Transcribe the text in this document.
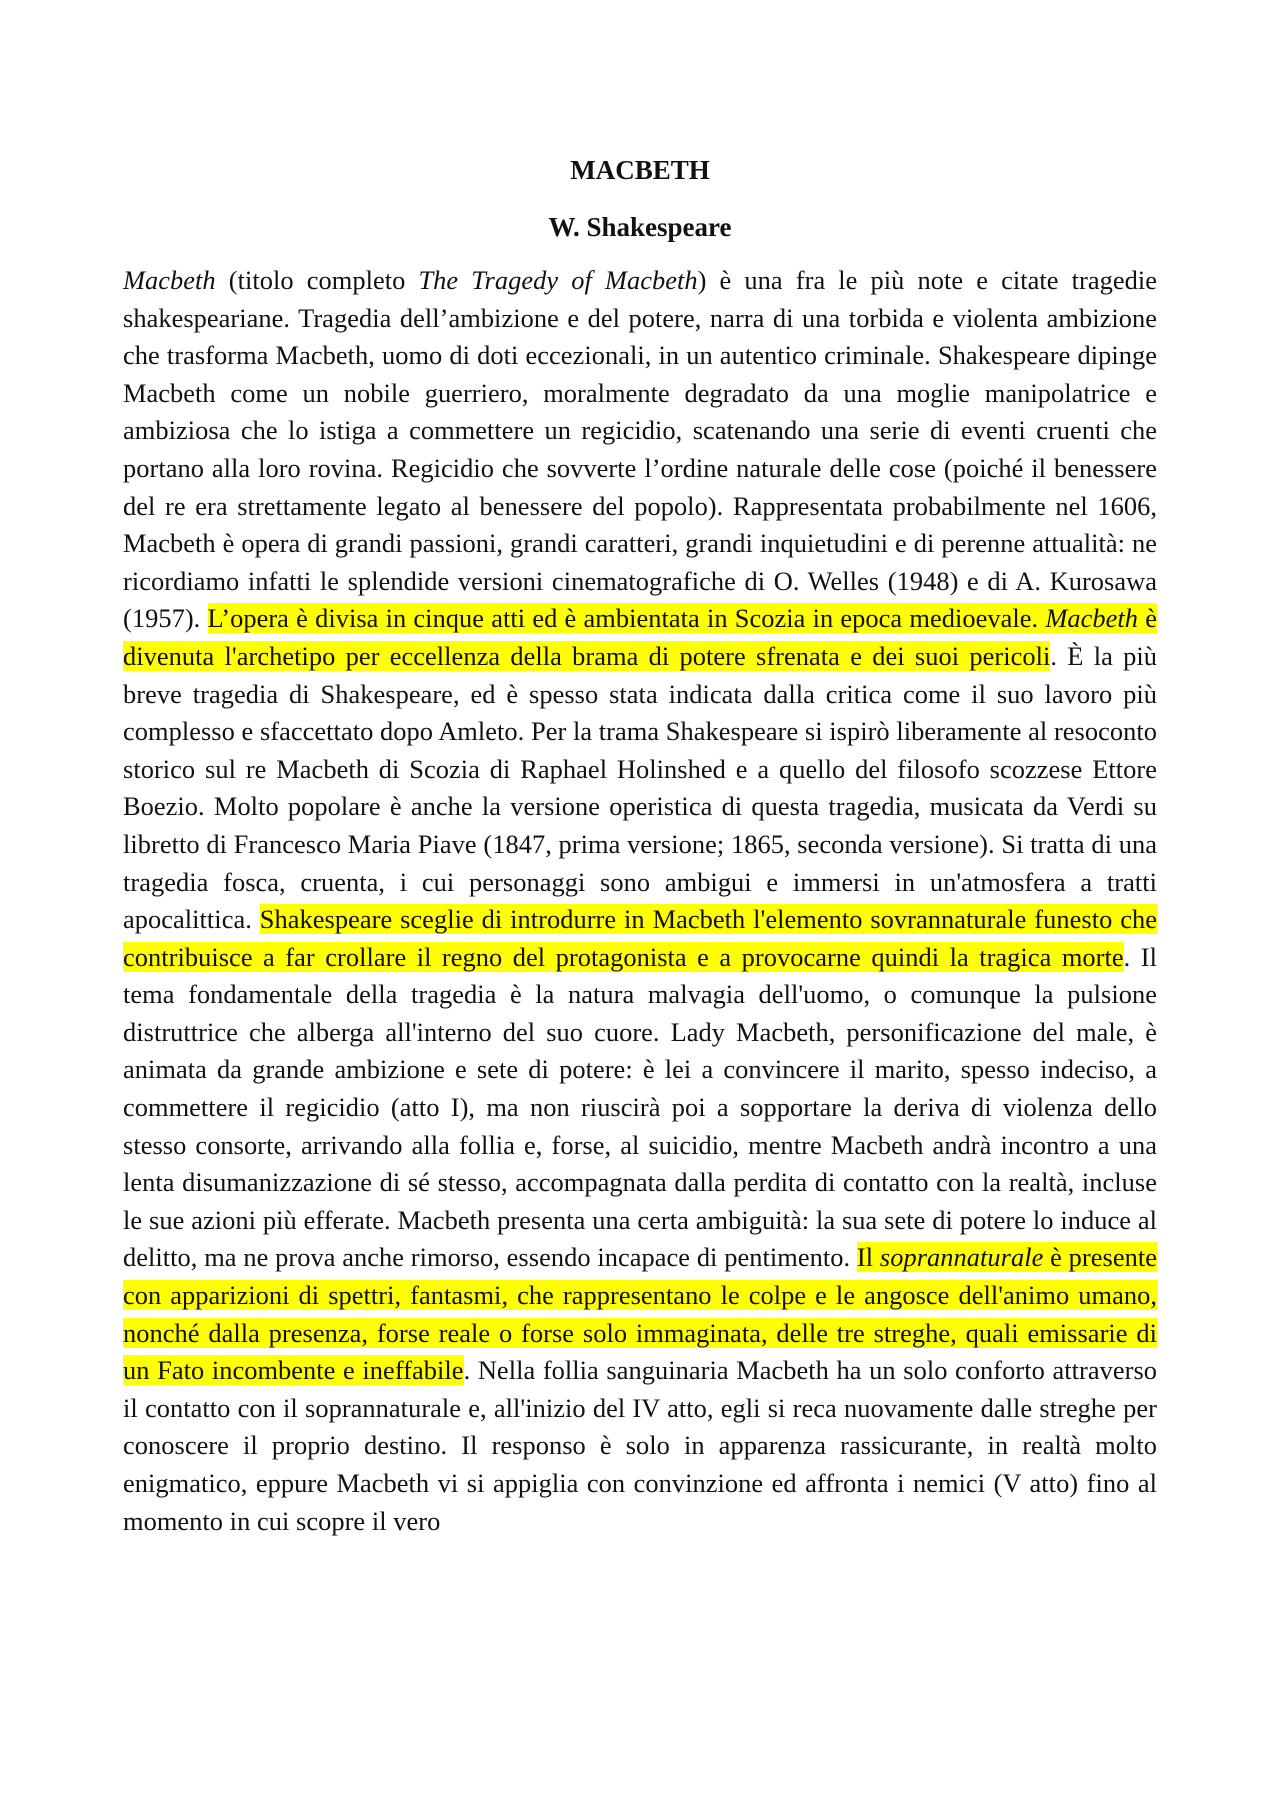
MACBETH
W. Shakespeare

Macbeth (titolo completo The Tragedy of Macbeth) è una fra le più note e citate tragedie shakespeariane. Tragedia dell’ambizione e del potere, narra di una torbida e violenta ambizione che trasforma Macbeth, uomo di doti eccezionali, in un autentico criminale. Shakespeare dipinge Macbeth come un nobile guerriero, moralmente degradato da una moglie manipolatrice e ambiziosa che lo istiga a commettere un regicidio, scatenando una serie di eventi cruenti che portano alla loro rovina. Regicidio che sovverte l’ordine naturale delle cose (poiché il benessere del re era strettamente legato al benessere del popolo). Rappresentata probabilmente nel 1606, Macbeth è opera di grandi passioni, grandi caratteri, grandi inquietudini e di perenne attualità: ne ricordiamo infatti le splendide versioni cinematografiche di O. Welles (1948) e di A. Kurosawa (1957). L’opera è divisa in cinque atti ed è ambientata in Scozia in epoca medioevale. Macbeth è divenuta l'archetipo per eccellenza della brama di potere sfrenata e dei suoi pericoli. È la più breve tragedia di Shakespeare, ed è spesso stata indicata dalla critica come il suo lavoro più complesso e sfaccettato dopo Amleto. Per la trama Shakespeare si ispirò liberamente al resoconto storico sul re Macbeth di Scozia di Raphael Holinshed e a quello del filosofo scozzese Ettore Boezio. Molto popolare è anche la versione operistica di questa tragedia, musicata da Verdi su libretto di Francesco Maria Piave (1847, prima versione; 1865, seconda versione). Si tratta di una tragedia fosca, cruenta, i cui personaggi sono ambigui e immersi in un'atmosfera a tratti apocalittica. Shakespeare sceglie di introdurre in Macbeth l'elemento sovrannaturale funesto che contribuisce a far crollare il regno del protagonista e a provocarne quindi la tragica morte. Il tema fondamentale della tragedia è la natura malvagia dell'uomo, o comunque la pulsione distruttrice che alberga all'interno del suo cuore. Lady Macbeth, personificazione del male, è animata da grande ambizione e sete di potere: è lei a convincere il marito, spesso indeciso, a commettere il regicidio (atto I), ma non riuscirà poi a sopportare la deriva di violenza dello stesso consorte, arrivando alla follia e, forse, al suicidio, mentre Macbeth andrà incontro a una lenta disumanizzazione di sé stesso, accompagnata dalla perdita di contatto con la realtà, incluse le sue azioni più efferate. Macbeth presenta una certa ambiguità: la sua sete di potere lo induce al delitto, ma ne prova anche rimorso, essendo incapace di pentimento. Il soprannaturale è presente con apparizioni di spettri, fantasmi, che rappresentano le colpe e le angosce dell'animo umano, nonché dalla presenza, forse reale o forse solo immaginata, delle tre streghe, quali emissarie di un Fato incombente e ineffabile. Nella follia sanguinaria Macbeth ha un solo conforto attraverso il contatto con il soprannaturale e, all'inizio del IV atto, egli si reca nuovamente dalle streghe per conoscere il proprio destino. Il responso è solo in apparenza rassicurante, in realtà molto enigmatico, eppure Macbeth vi si appiglia con convinzione ed affronta i nemici (V atto) fino al momento in cui scopre il vero
